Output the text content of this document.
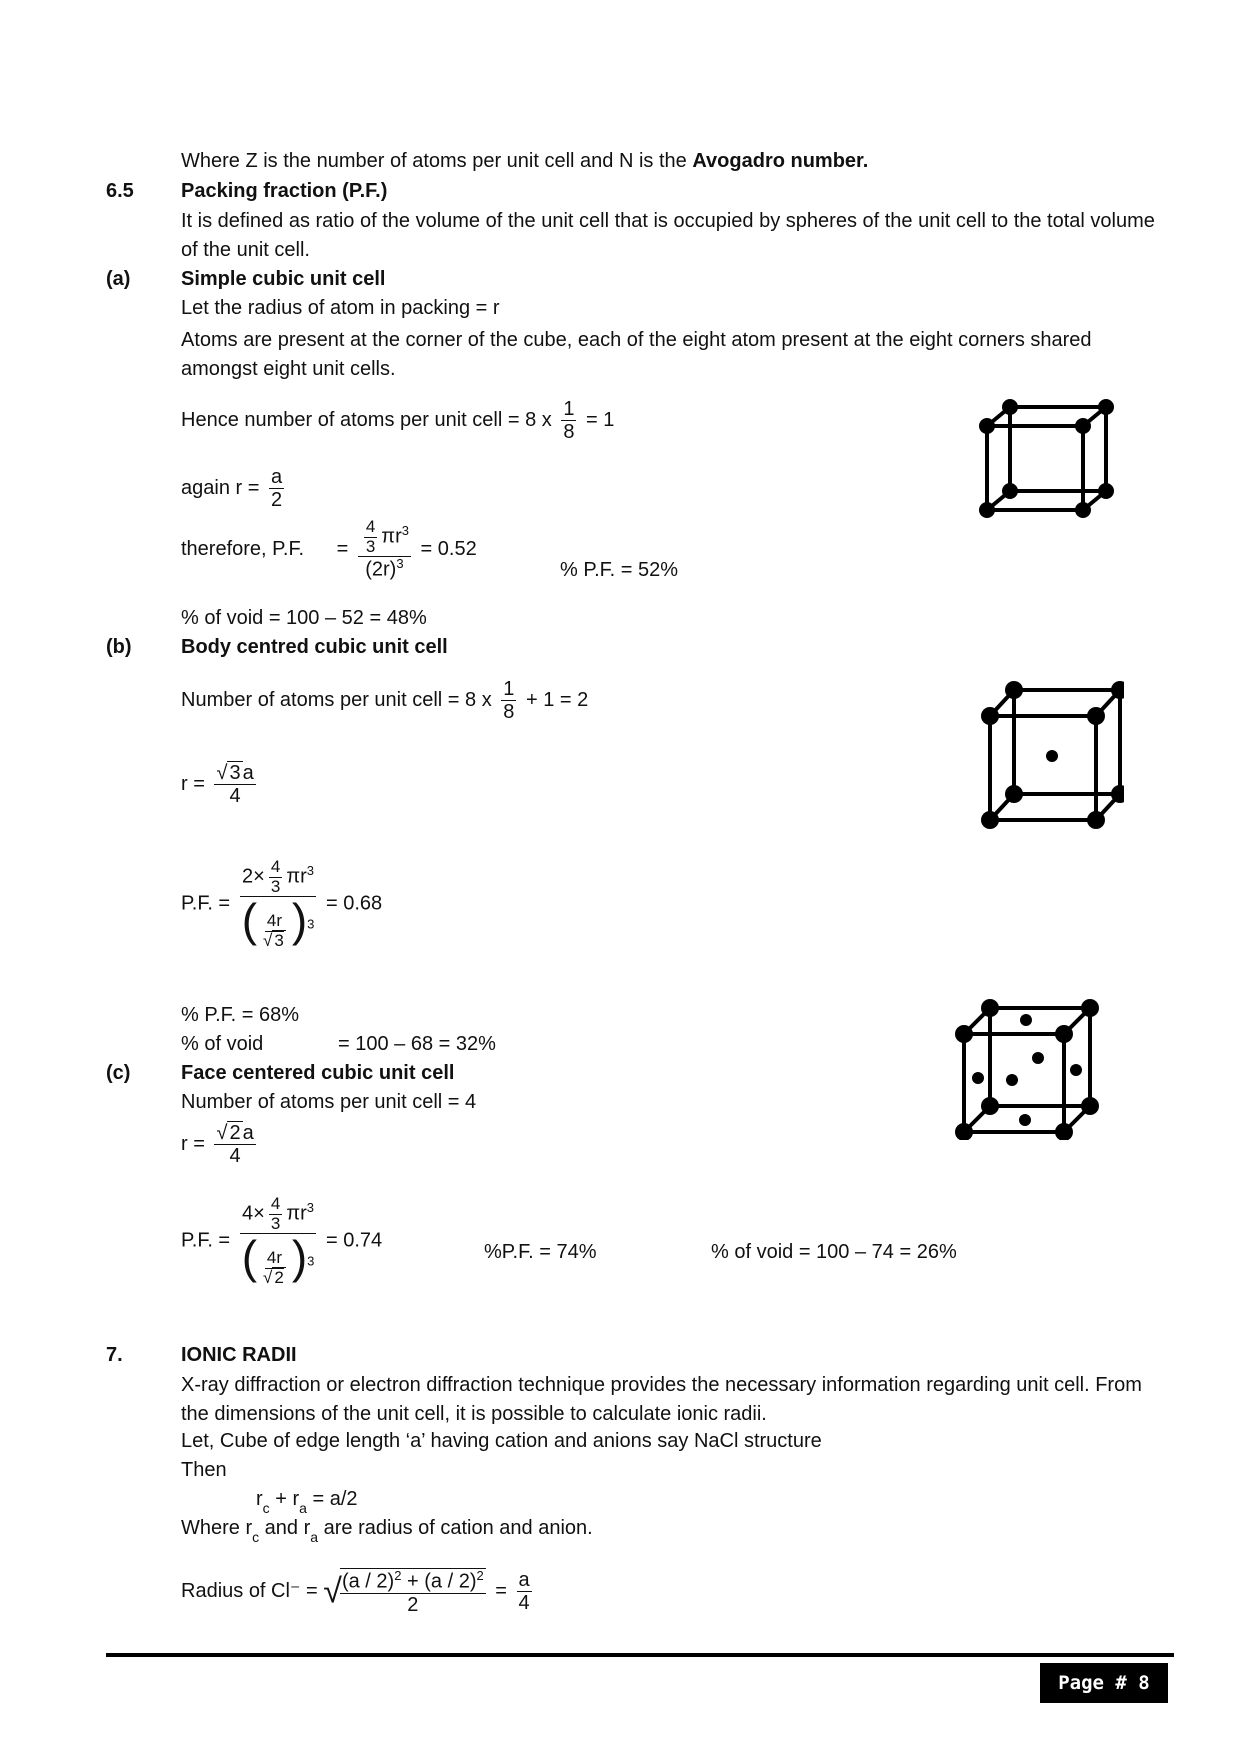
Where Z is the number of atoms per unit cell and N is the Avogadro number.
6.5 Packing fraction (P.F.)
It is defined as ratio of the volume of the unit cell that is occupied by spheres of the unit cell to the total volume of the unit cell.
(a)	Simple cubic unit cell
Let the radius of atom in packing = r
Atoms are present at the corner of the cube, each of the eight atom present at the eight corners shared amongst eight unit cells.
Hence number of atoms per unit cell = 8 x $\frac{1}{8} = 1$
again $r = \frac{a}{2}$
therefore, P.F. = $\frac{\frac{4}{3} \pi r^3}{(2r)^3} = 0.52$
% P.F. = 52%
% of void = 100 – 52 = 48%
(b) Body centred cubic unit cell
Number of atoms per unit cell = 8 x $\frac{1}{8} + 1 = 2$
$r = \frac{√ 3 a}{4}$
P.F. = $\frac{2\times \frac{4}{3} \pi r^3}{( \frac{4r}{√ 3} )^3} = 0.68$
% P.F. = 68%
% of void	= 100 – 68 = 32%
(c)	Face centered cubic unit cell
Number of atoms per unit cell = 4
$r = \frac{√ 2 a}{4}$
P.F. = $\frac{4\times \frac{4}{3} \pi r^3}{( \frac{4r}{√ 2} )^3} = 0.74$
%P.F. = 74%	% of void = 100 – 74 = 26%
7.	IONIC RADII
X-ray diffraction or electron diffraction technique provides the necessary information regarding unit cell. From the dimensions of the unit cell, it is possible to calculate ionic radii.
Let, Cube of edge length ‘a’ having cation and anions say NaCl structure
Then
$r_c + r_a = a/2$
Where $r_c$ and $r_a$ are radius of cation and anion.
Radius of Cl⁻ = √
$\frac{(a / 2)^2 + (a / 2)^2}{2} = \frac{a}{4}$
Page # 8
